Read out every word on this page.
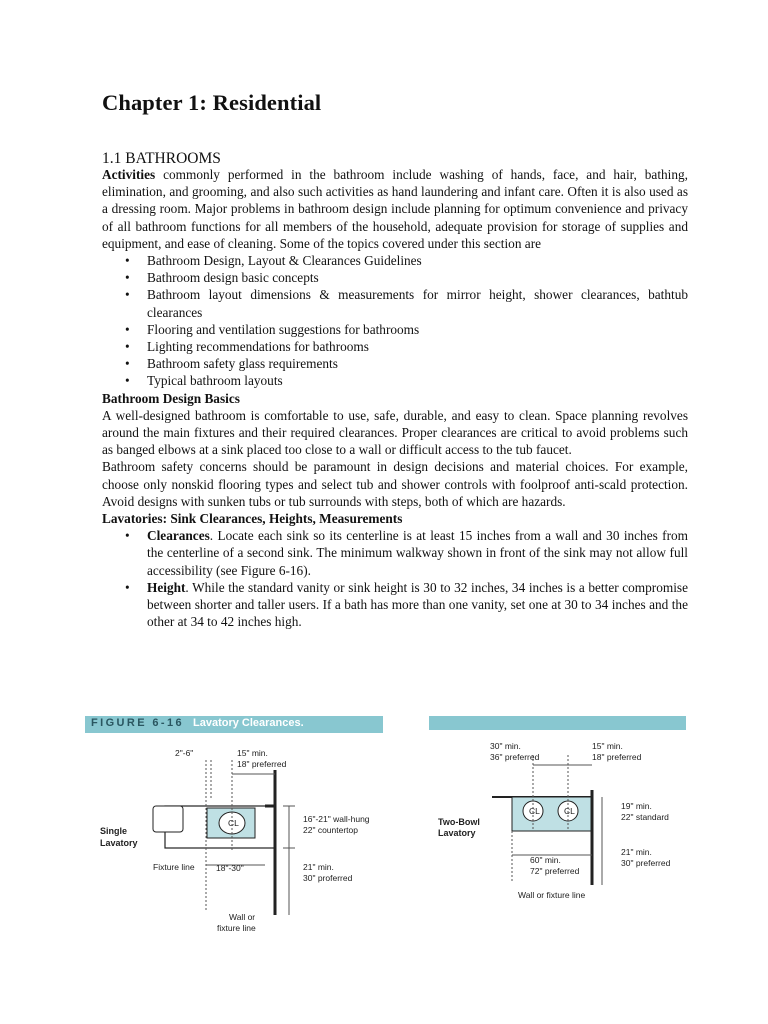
Chapter 1: Residential
1.1 BATHROOMS

Activities commonly performed in the bathroom include washing of hands, face, and hair, bathing, elimination, and grooming, and also such activities as hand laundering and infant care. Often it is also used as a dressing room. Major problems in bathroom design include planning for optimum convenience and privacy of all bathroom functions for all members of the household, adequate provision for storage of supplies and equipment, and ease of cleaning. Some of the topics covered under this section are

• Bathroom Design, Layout & Clearances Guidelines
• Bathroom design basic concepts
• Bathroom layout dimensions & measurements for mirror height, shower clearances, bathtub clearances
• Flooring and ventilation suggestions for bathrooms
• Lighting recommendations for bathrooms
• Bathroom safety glass requirements
• Typical bathroom layouts

Bathroom Design Basics

A well-designed bathroom is comfortable to use, safe, durable, and easy to clean. Space planning revolves around the main fixtures and their required clearances. Proper clearances are critical to avoid problems such as banged elbows at a sink placed too close to a wall or difficult access to the tub faucet.

Bathroom safety concerns should be paramount in design decisions and material choices. For example, choose only nonskid flooring types and select tub and shower controls with foolproof anti-scald protection. Avoid designs with sunken tubs or tub surrounds with steps, both of which are hazards.

Lavatories: Sink Clearances, Heights, Measurements

• Clearances. Locate each sink so its centerline is at least 15 inches from a wall and 30 inches from the centerline of a second sink. The minimum walkway shown in front of the sink may not allow full accessibility (see Figure 6-16).
• Height. While the standard vanity or sink height is 30 to 32 inches, 34 inches is a better compromise between shorter and taller users. If a bath has more than one vanity, set one at 30 to 34 inches and the other at 34 to 42 inches high.
FIGURE 6-16 Lavatory Clearances.
CL
2"-6"	15" min.
18" preferred
Single
Lavatory
16"-21" wall-hung
22" countertop
Fixture line	18"-30"	21" min.
30" proferred
Wall or
fixture line
CL	CL
30" min.
36" preferred
15" min.
18" preferred
Two-Bowl
Lavatory
19" min.
22" standard
60" min.
72" preferred
21" min.
30" preferred
Wall or fixture line
